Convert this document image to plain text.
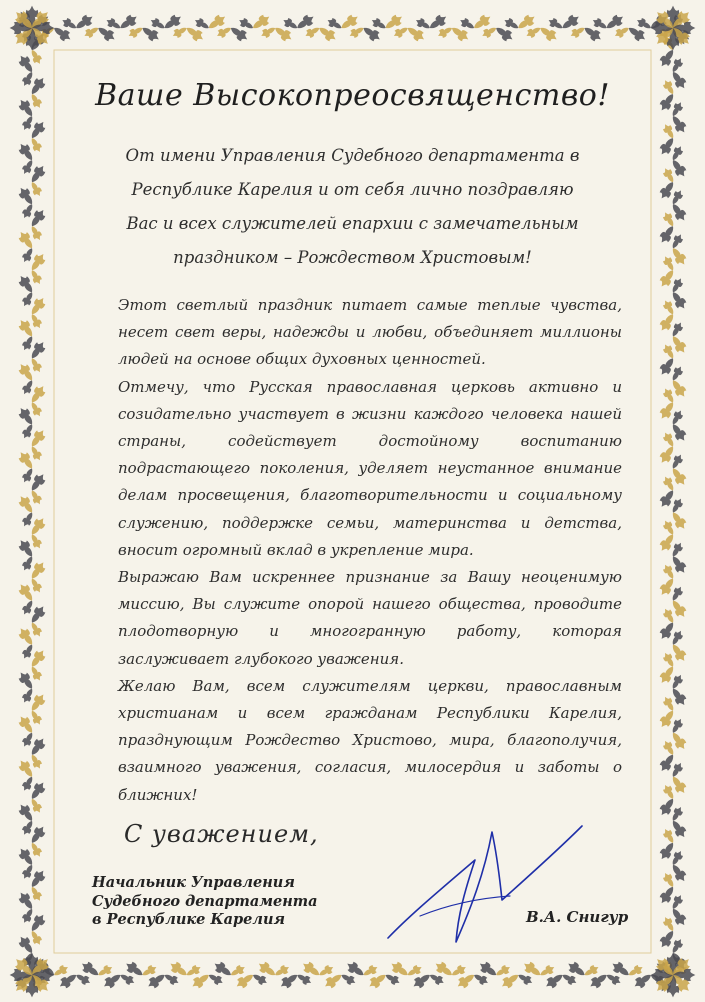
Ваше Высокопреосвященство!
От имени Управления Судебного департамента в
Республике Карелия и от себя лично поздравляю
Вас и всех служителей епархии с замечательным
праздником – Рождеством Христовым!

Этот светлый праздник питает самые теплые чувства, несет свет веры, надежды и любви, объединяет миллионы людей на основе общих духовных ценностей.

Отмечу, что Русская православная церковь активно и созидательно участвует в жизни каждого человека нашей страны, содействует достойному воспитанию подрастающего поколения, уделяет неустанное внимание делам просвещения, благотворительности и социальному служению, поддержке семьи, материнства и детства, вносит огромный вклад в укрепление мира.

Выражаю Вам искреннее признание за Вашу неоценимую миссию, Вы служите опорой нашего общества, проводите плодотворную и многогранную работу, которая заслуживает глубокого уважения.

Желаю Вам, всем служителям церкви, православным христианам и всем гражданам Республики Карелия, празднующим Рождество Христово, мира, благополучия, взаимного уважения, согласия, милосердия и заботы о ближних!

С уважением,
Начальник Управления
Судебного департамента
в Республике Карелия	В.А. Снигур
